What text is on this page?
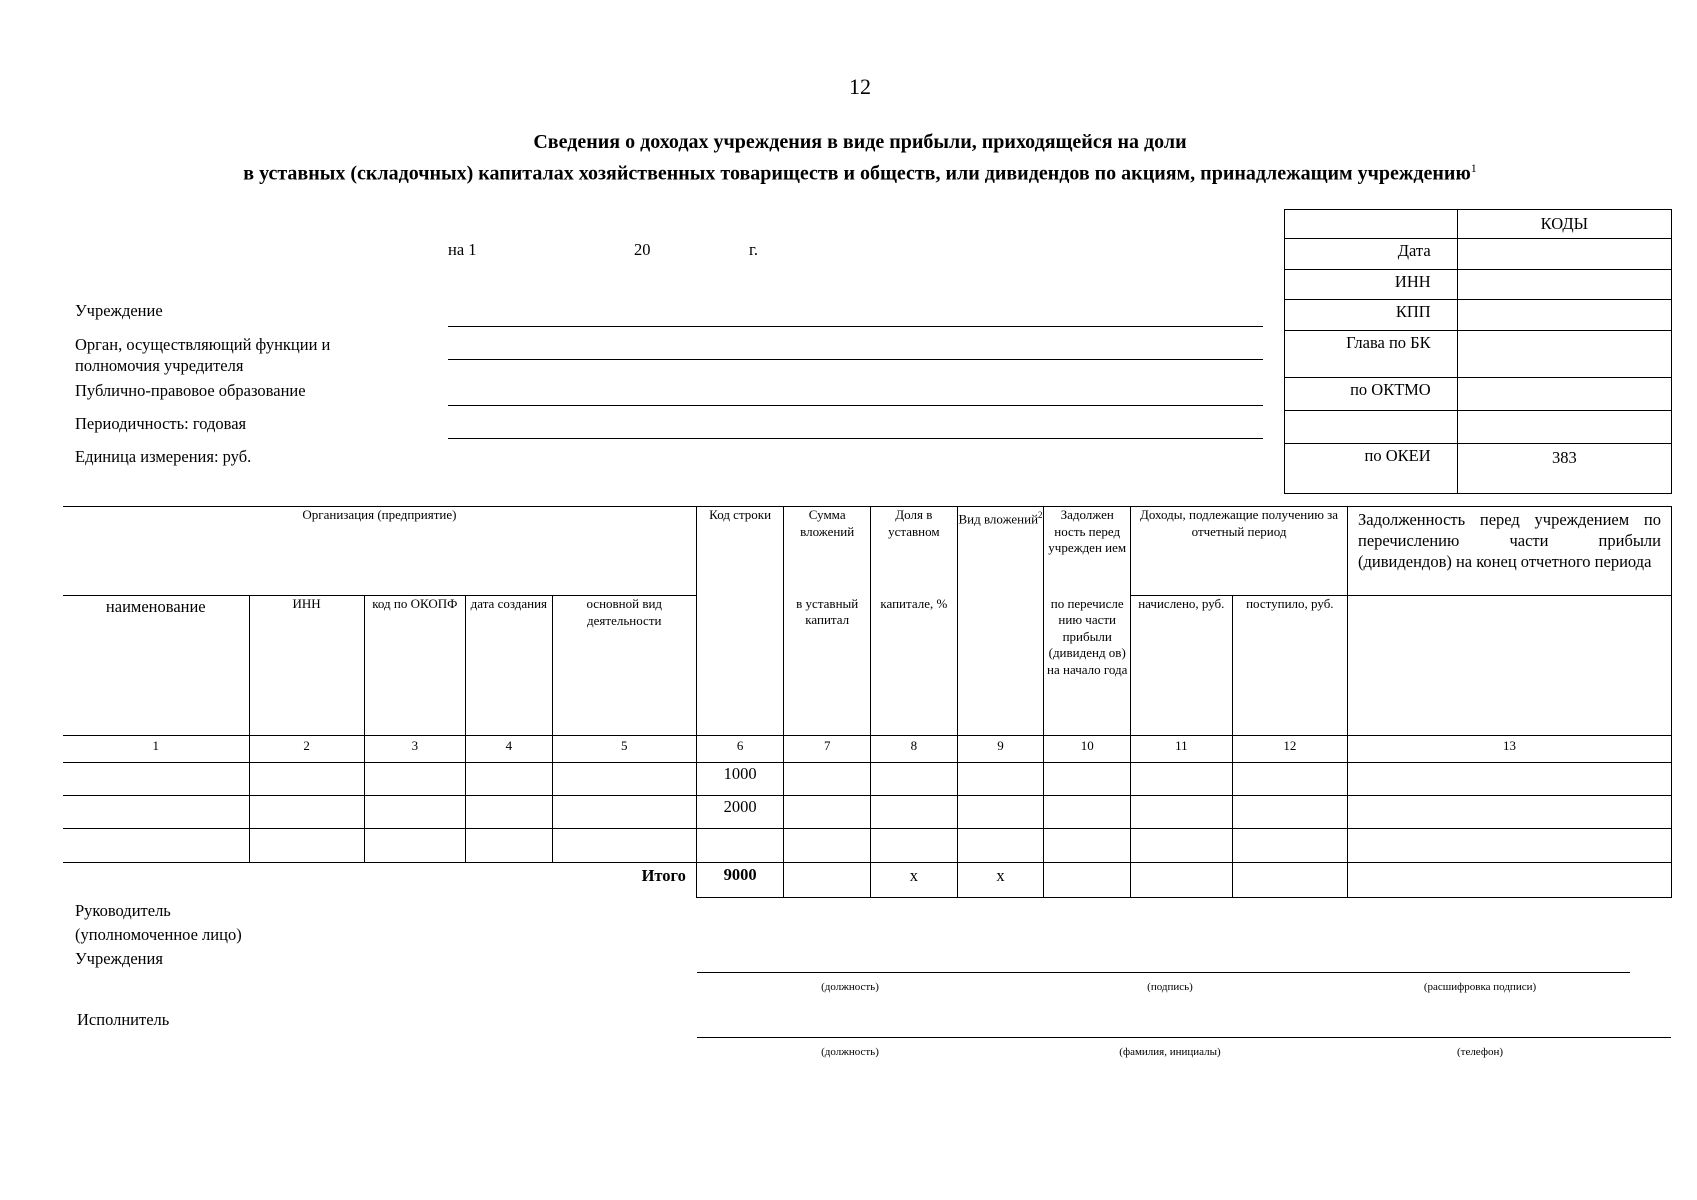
12
Сведения о доходах учреждения в виде прибыли, приходящейся на доли
в уставных (складочных) капиталах хозяйственных товариществ и обществ, или дивидендов по акциям, принадлежащим учреждению$^1$
на 1	20	г.
Учреждение
Орган, осуществляющий функции и
полномочия учредителя
Публично-правовое образование
Периодичность: годовая
Единица измерения: руб.
	КОДЫ
Дата	
ИНН	
КПП	
Глава по БК	
по ОКТМО	

по ОКЕИ	383
Организация (предприятие)					Код строки	Сумма вложений	Доля в уставном	Вид вложений$^2$	Задолжен ность перед учрежден ием	Доходы, подлежащие получению за отчетный период		Задолженность перед учреждением по перечислению части прибыли (дивидендов) на конец отчетного периода
наименование	ИНН	код по ОКОПФ	дата создания	основной вид деятельности		в уставный капитал	капитале, %		по перечисле нию части прибыли (дивиденд ов) на начало года	начислено, руб.	поступило, руб.	
1	2	3	4	5	6	7	8	9	10	11	12	13
					1000							
					2000							

Итого					9000		x	x				
Руководитель
(уполномоченное лицо)
Учреждения
(должность)	(подпись)	(расшифровка подписи)
Исполнитель
(должность)	(фамилия, инициалы)	(телефон)
